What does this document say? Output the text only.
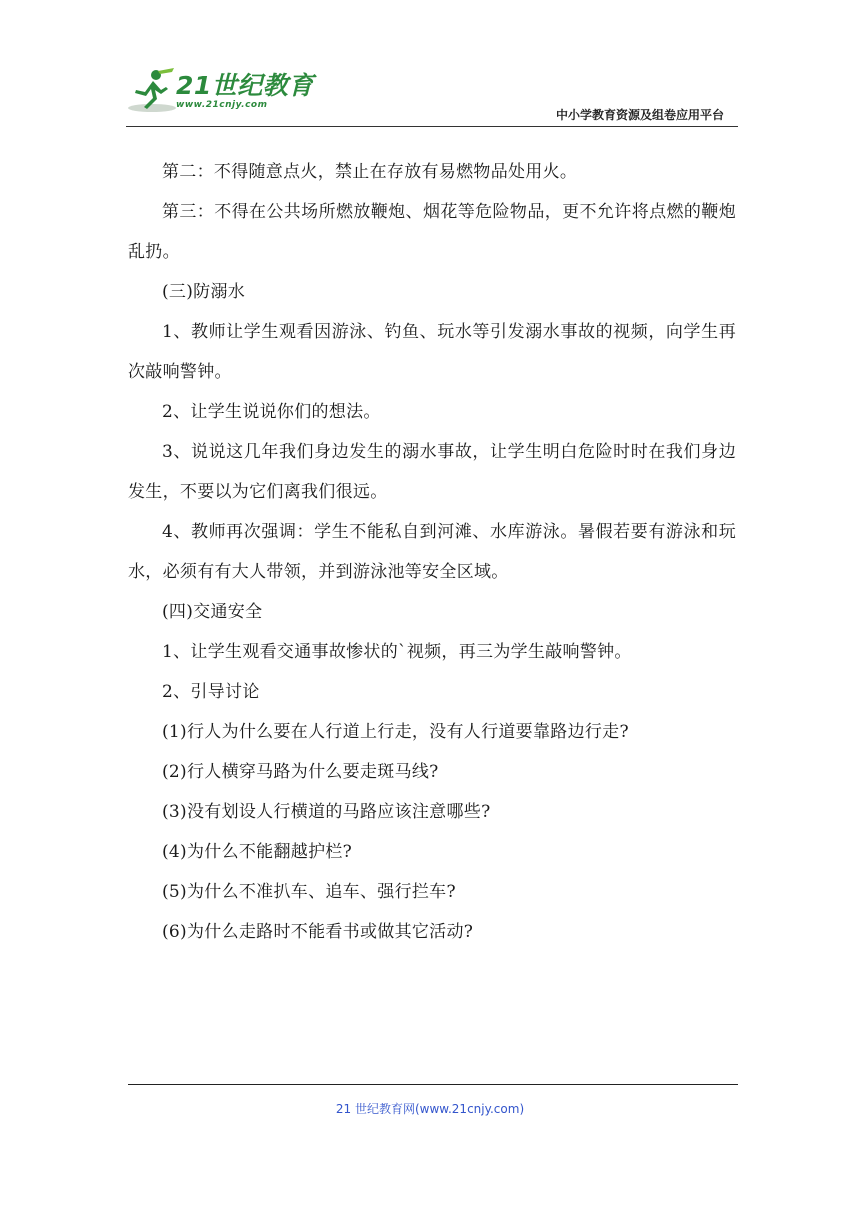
21世纪教育
www.21cnjy.com
中小学教育资源及组卷应用平台

第二：不得随意点火，禁止在存放有易燃物品处用火。

第三：不得在公共场所燃放鞭炮、烟花等危险物品，更不允许将点燃的鞭炮乱扔。

(三)防溺水

1、教师让学生观看因游泳、钓鱼、玩水等引发溺水事故的视频，向学生再次敲响警钟。

2、让学生说说你们的想法。

3、说说这几年我们身边发生的溺水事故，让学生明白危险时时在我们身边发生，不要以为它们离我们很远。

4、教师再次强调：学生不能私自到河滩、水库游泳。暑假若要有游泳和玩水，必须有有大人带领，并到游泳池等安全区域。

(四)交通安全

1、让学生观看交通事故惨状的`视频，再三为学生敲响警钟。

2、引导讨论

(1)行人为什么要在人行道上行走，没有人行道要靠路边行走?

(2)行人横穿马路为什么要走斑马线?

(3)没有划设人行横道的马路应该注意哪些?

(4)为什么不能翻越护栏?

(5)为什么不准扒车、追车、强行拦车?

(6)为什么走路时不能看书或做其它活动?

21 世纪教育网(www.21cnjy.com)
